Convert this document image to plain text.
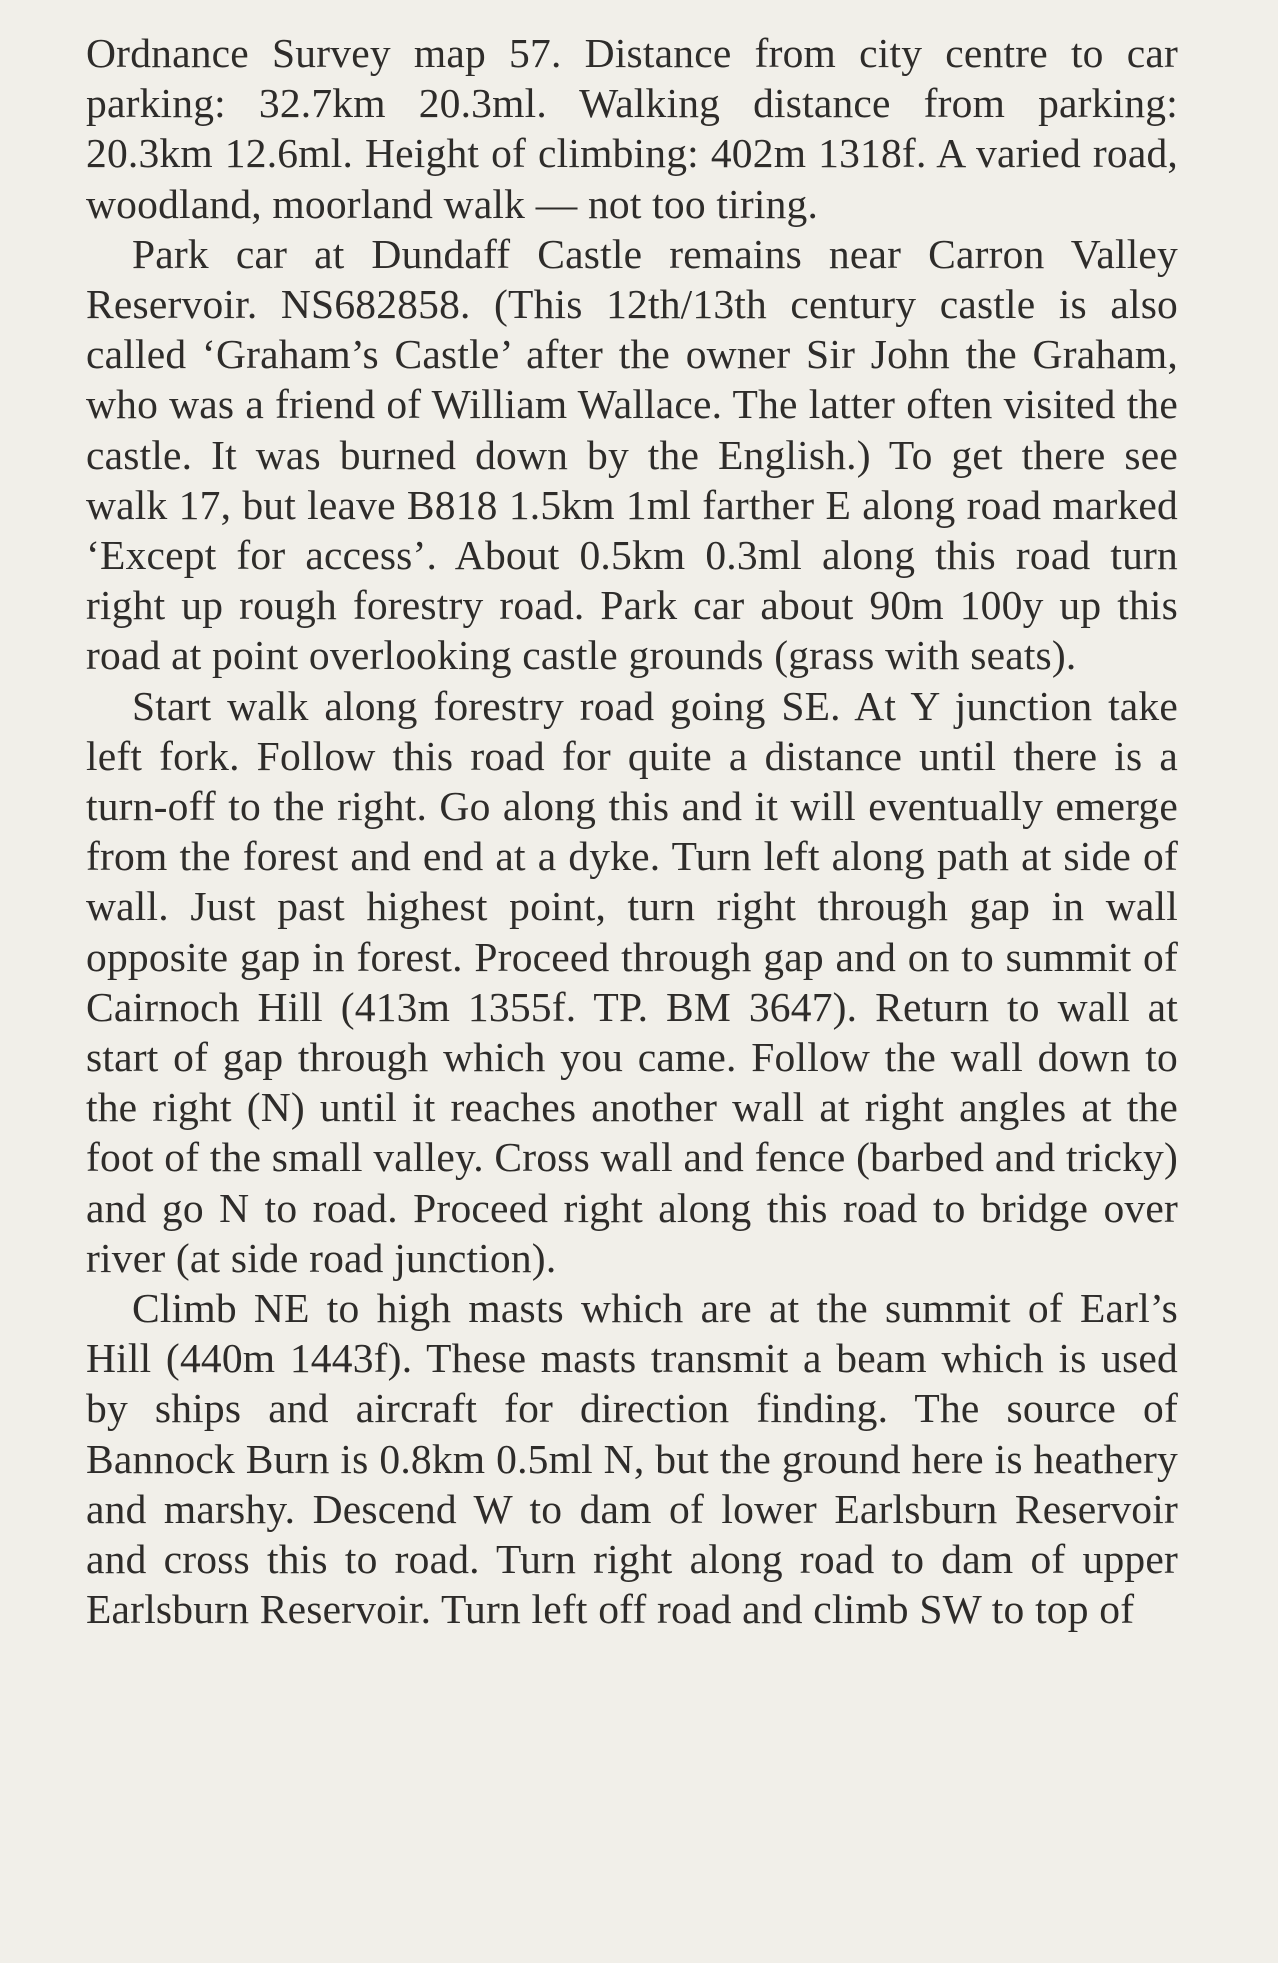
Ordnance Survey map 57. Distance from city centre to car parking: 32.7km 20.3ml. Walking distance from parking: 20.3km 12.6ml. Height of climbing: 402m 1318f. A varied road, woodland, moorland walk — not too tiring.

Park car at Dundaff Castle remains near Carron Valley Reservoir. NS682858. (This 12th/13th century castle is also called ‘Graham’s Castle’ after the owner Sir John the Graham, who was a friend of William Wallace. The latter often visited the castle. It was burned down by the English.) To get there see walk 17, but leave B818 1.5km 1ml farther E along road marked ‘Except for access’. About 0.5km 0.3ml along this road turn right up rough forestry road. Park car about 90m 100y up this road at point overlooking castle grounds (grass with seats).

Start walk along forestry road going SE. At Y junction take left fork. Follow this road for quite a distance until there is a turn-off to the right. Go along this and it will eventually emerge from the forest and end at a dyke. Turn left along path at side of wall. Just past highest point, turn right through gap in wall opposite gap in forest. Proceed through gap and on to summit of Cairnoch Hill (413m 1355f. TP. BM 3647). Return to wall at start of gap through which you came. Follow the wall down to the right (N) until it reaches another wall at right angles at the foot of the small valley. Cross wall and fence (barbed and tricky) and go N to road. Proceed right along this road to bridge over river (at side road junction).

Climb NE to high masts which are at the summit of Earl’s Hill (440m 1443f). These masts transmit a beam which is used by ships and aircraft for direction finding. The source of Bannock Burn is 0.8km 0.5ml N, but the ground here is heathery and marshy. Descend W to dam of lower Earlsburn Reservoir and cross this to road. Turn right along road to dam of upper Earlsburn Reservoir. Turn left off road and climb SW to top of
